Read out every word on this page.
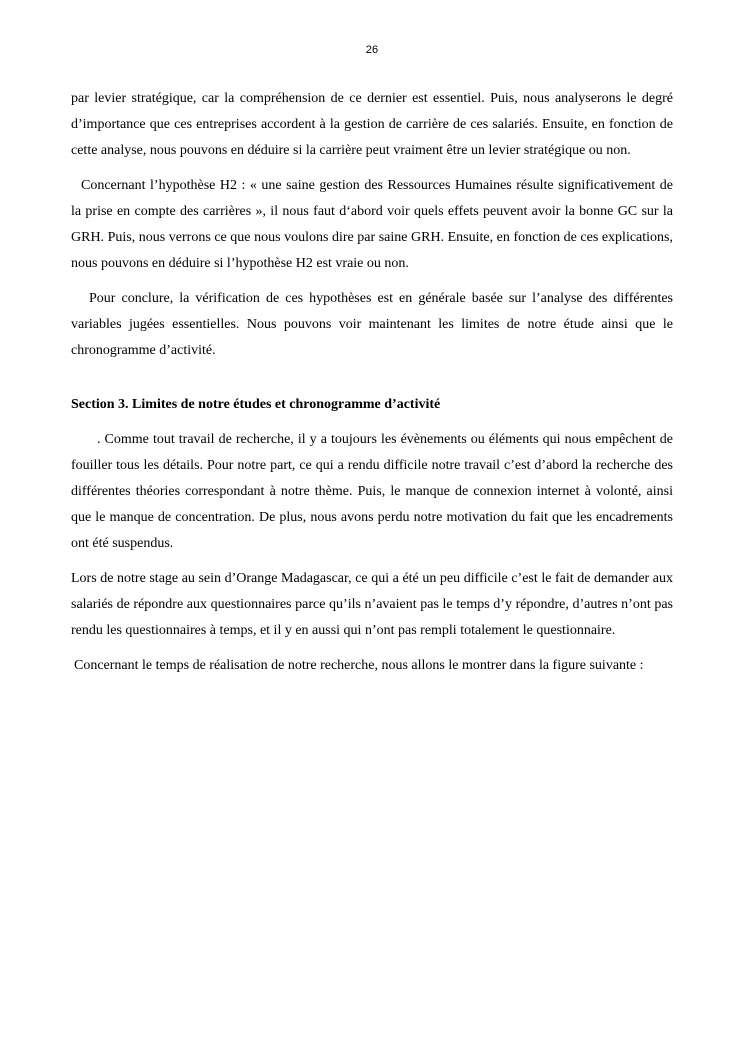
26

par levier stratégique, car la compréhension de ce dernier est essentiel. Puis, nous analyserons le degré d’importance que ces entreprises accordent à la gestion de carrière de ces salariés. Ensuite, en fonction de cette analyse, nous pouvons en déduire si la carrière peut vraiment être un levier stratégique ou non.

Concernant l’hypothèse H2 : « une saine gestion des Ressources Humaines résulte significativement de la prise en compte des carrières », il nous faut d‘abord voir quels effets peuvent avoir la bonne GC sur la GRH. Puis, nous verrons ce que nous voulons dire par saine GRH. Ensuite, en fonction de ces explications, nous pouvons en déduire si l’hypothèse H2 est vraie ou non.

Pour conclure, la vérification de ces hypothèses est en générale basée sur l’analyse des différentes variables jugées essentielles. Nous pouvons voir maintenant les limites de notre étude ainsi que le chronogramme d’activité.

Section 3. Limites de notre études et chronogramme d’activité

. Comme tout travail de recherche, il y a toujours les évènements ou éléments qui nous empêchent de fouiller tous les détails. Pour notre part, ce qui a rendu difficile notre travail c’est d’abord la recherche des différentes théories correspondant à notre thème. Puis, le manque de connexion internet à volonté, ainsi que le manque de concentration. De plus, nous avons perdu notre motivation du fait que les encadrements ont été suspendus.

Lors de notre stage au sein d’Orange Madagascar, ce qui a été un peu difficile c’est le fait de demander aux salariés de répondre aux questionnaires parce qu’ils n’avaient pas le temps d’y répondre, d’autres n’ont pas rendu les questionnaires à temps, et il y en aussi qui n’ont pas rempli totalement le questionnaire.

Concernant le temps de réalisation de notre recherche, nous allons le montrer dans la figure suivante :
